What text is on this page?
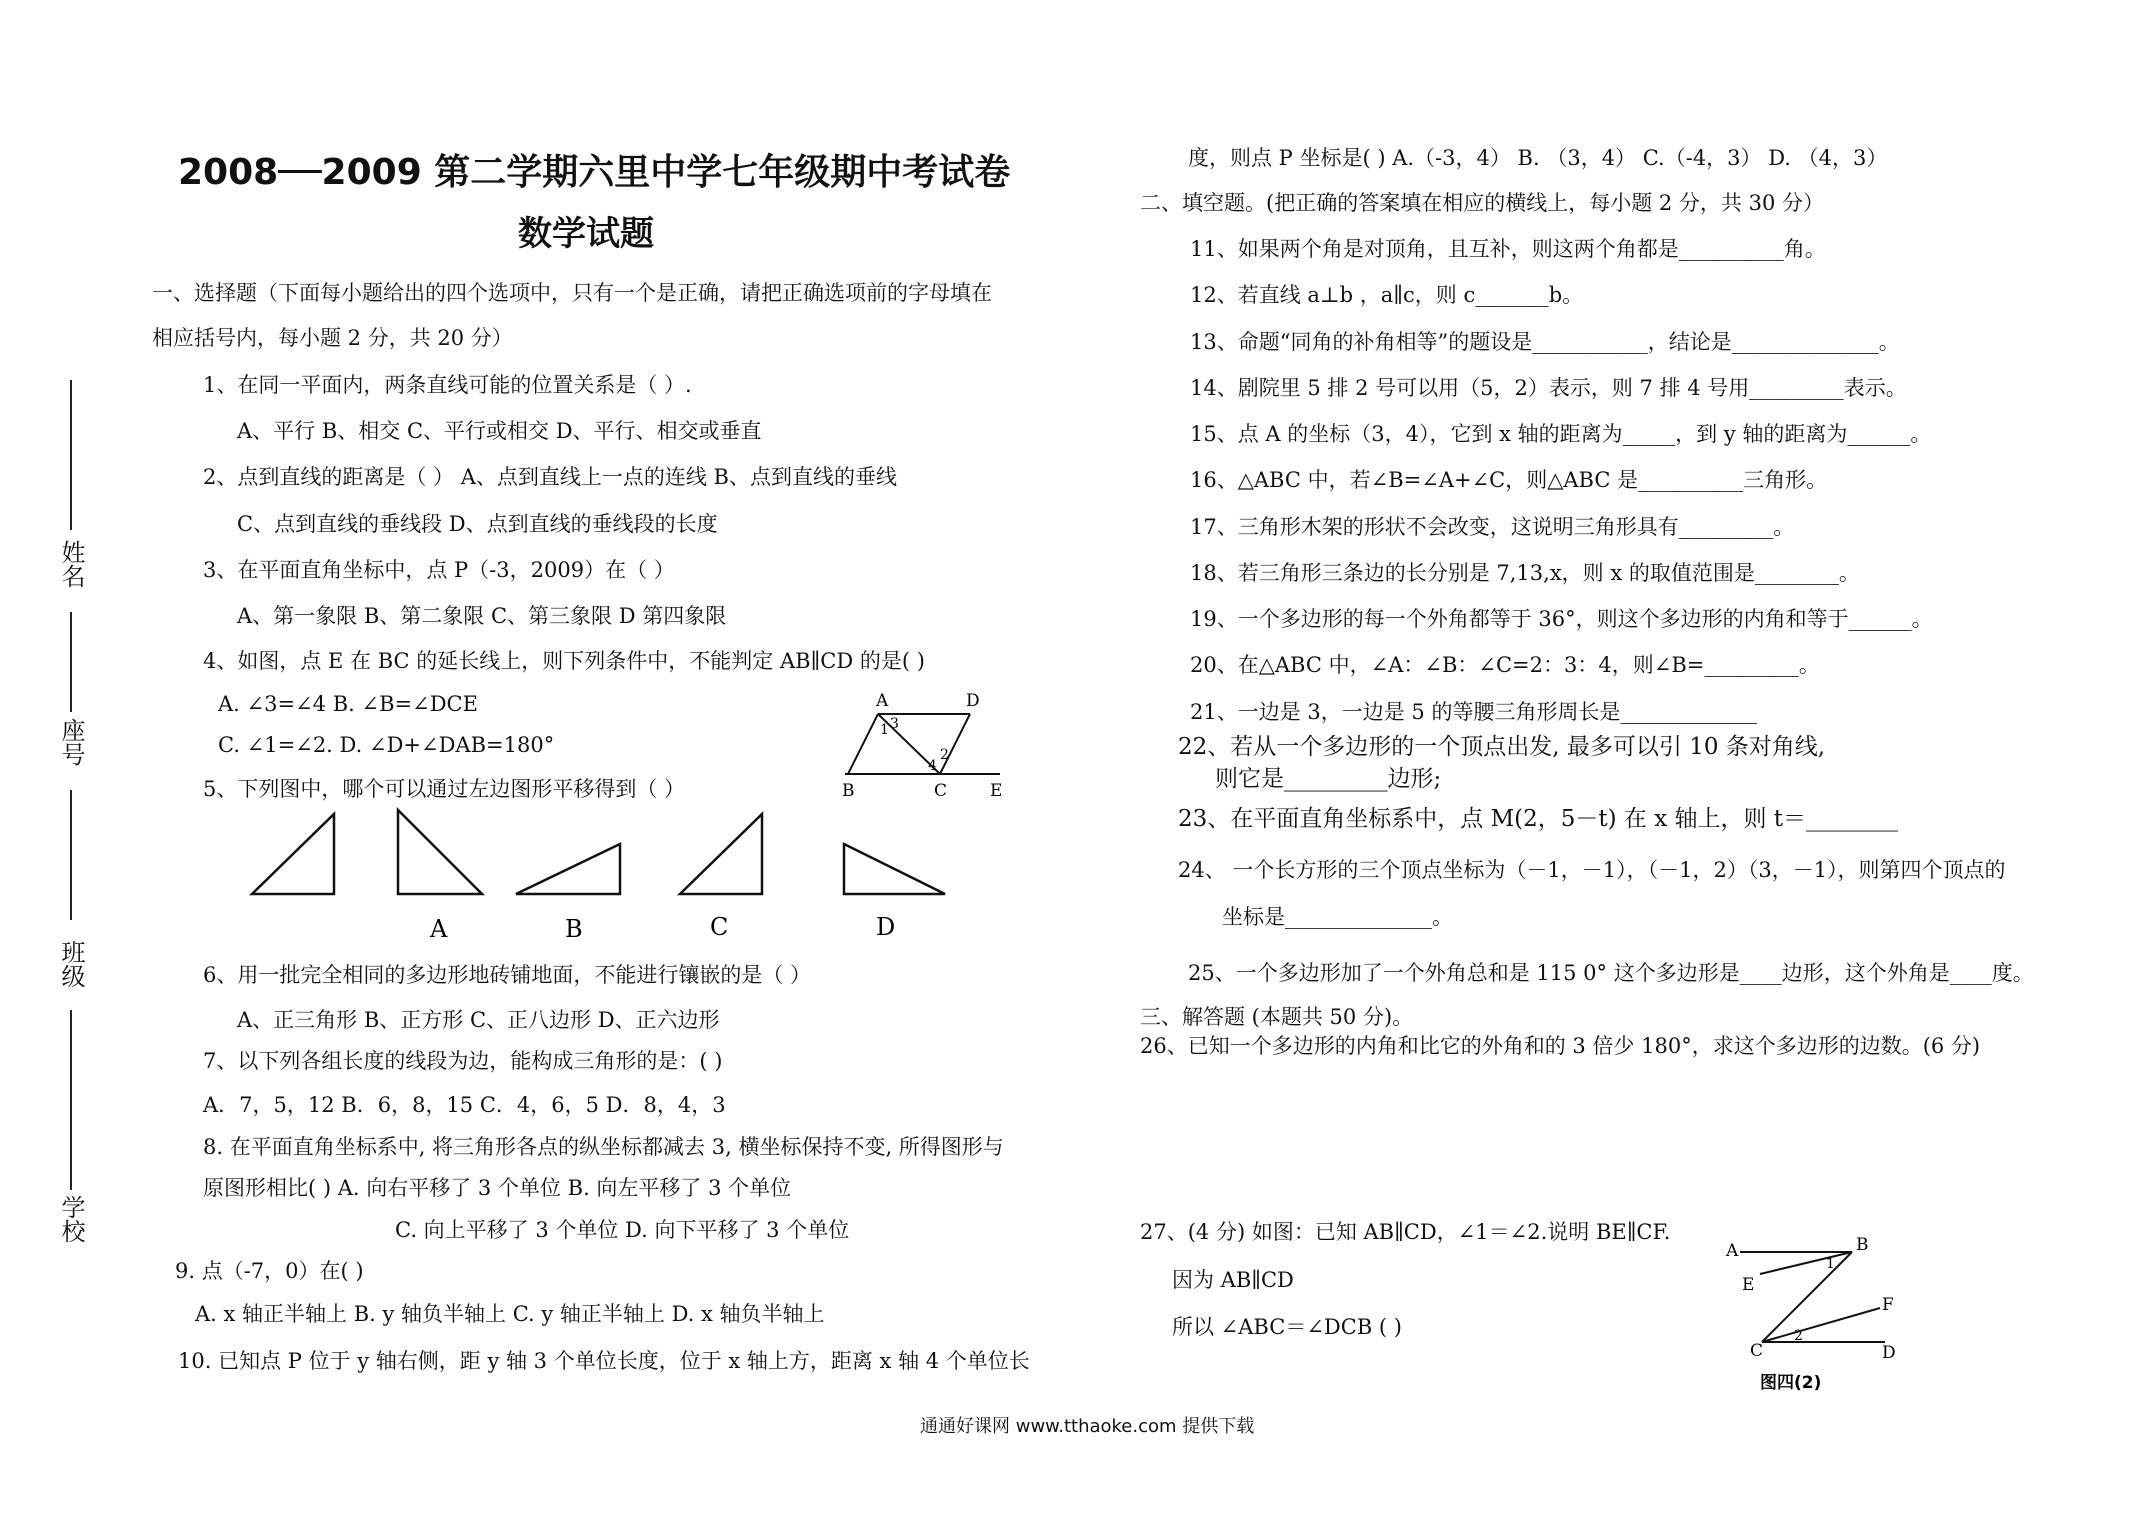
2008──2009 第二学期六里中学七年级期中考试卷
数学试题
姓名
座号
班级
学校
一、选择题（下面每小题给出的四个选项中，只有一个是正确，请把正确选项前的字母填在
相应括号内，每小题 2 分，共 20 分）
1、在同一平面内，两条直线可能的位置关系是（ ）.
A、平行 B、相交 C、平行或相交 D、平行、相交或垂直
2、点到直线的距离是（ ） A、点到直线上一点的连线 B、点到直线的垂线
C、点到直线的垂线段 D、点到直线的垂线段的长度
3、在平面直角坐标中，点 P（-3，2009）在（ ）
A、第一象限 B、第二象限 C、第三象限 D 第四象限
4、如图，点 E 在 BC 的延长线上，则下列条件中，不能判定 AB∥CD 的是( )
A. ∠3=∠4 B. ∠B=∠DCE
C. ∠1=∠2. D. ∠D+∠DAB=180°
A	D
B	C	E
1
2
3
4
5、下列图中，哪个可以通过左边图形平移得到（ ）
A	B	C	D
6、用一批完全相同的多边形地砖铺地面，不能进行镶嵌的是（ ）
A、正三角形 B、正方形 C、正八边形 D、正六边形
7、以下列各组长度的线段为边，能构成三角形的是：( )
A．7，5，12 B．6，8，15 C．4，6，5 D．8，4，3
8. 在平面直角坐标系中, 将三角形各点的纵坐标都减去 3, 横坐标保持不变, 所得图形与
原图形相比( ) A. 向右平移了 3 个单位 B. 向左平移了 3 个单位
C. 向上平移了 3 个单位 D. 向下平移了 3 个单位
9. 点（-7，0）在( )
A. x 轴正半轴上 B. y 轴负半轴上 C. y 轴正半轴上 D. x 轴负半轴上
10. 已知点 P 位于 y 轴右侧，距 y 轴 3 个单位长度，位于 x 轴上方，距离 x 轴 4 个单位长
度，则点 P 坐标是( ) A.（-3，4） B. （3，4） C.（-4，3） D. （4，3）
二、填空题。(把正确的答案填在相应的横线上，每小题 2 分，共 30 分）
11、如果两个角是对顶角，且互补，则这两个角都是__________角。
12、若直线 a⊥b ，a∥c，则 c_______b。
13、命题“同角的补角相等”的题设是___________，结论是______________。
14、剧院里 5 排 2 号可以用（5，2）表示，则 7 排 4 号用_________表示。
15、点 A 的坐标（3，4），它到 x 轴的距离为_____，到 y 轴的距离为______。
16、△ABC 中，若∠B=∠A+∠C，则△ABC 是__________三角形。
17、三角形木架的形状不会改变，这说明三角形具有_________。
18、若三角形三条边的长分别是 7,13,x，则 x 的取值范围是________。
19、一个多边形的每一个外角都等于 36°，则这个多边形的内角和等于______。
20、在△ABC 中，∠A：∠B：∠C=2：3：4，则∠B=_________。
21、一边是 3，一边是 5 的等腰三角形周长是_____________
22、若从一个多边形的一个顶点出发, 最多可以引 10 条对角线,
则它是_________边形;
23、在平面直角坐标系中，点 M(2，5－t) 在 x 轴上，则 t＝________
24、 一个长方形的三个顶点坐标为（－1，－1），（－1，2）（3，－1），则第四个顶点的
坐标是______________。
25、一个多边形加了一个外角总和是 115 0° 这个多边形是____边形，这个外角是____度。
三、解答题 (本题共 50 分)。
26、已知一个多边形的内角和比它的外角和的 3 倍少 180°，求这个多边形的边数。(6 分)
27、(4 分) 如图：已知 AB∥CD，∠1＝∠2.说明 BE∥CF.
因为 AB∥CD
所以 ∠ABC＝∠DCB ( )
A	B
E
F
C	D
1
2
图四(2)
通通好课网 www.tthaoke.com 提供下载
